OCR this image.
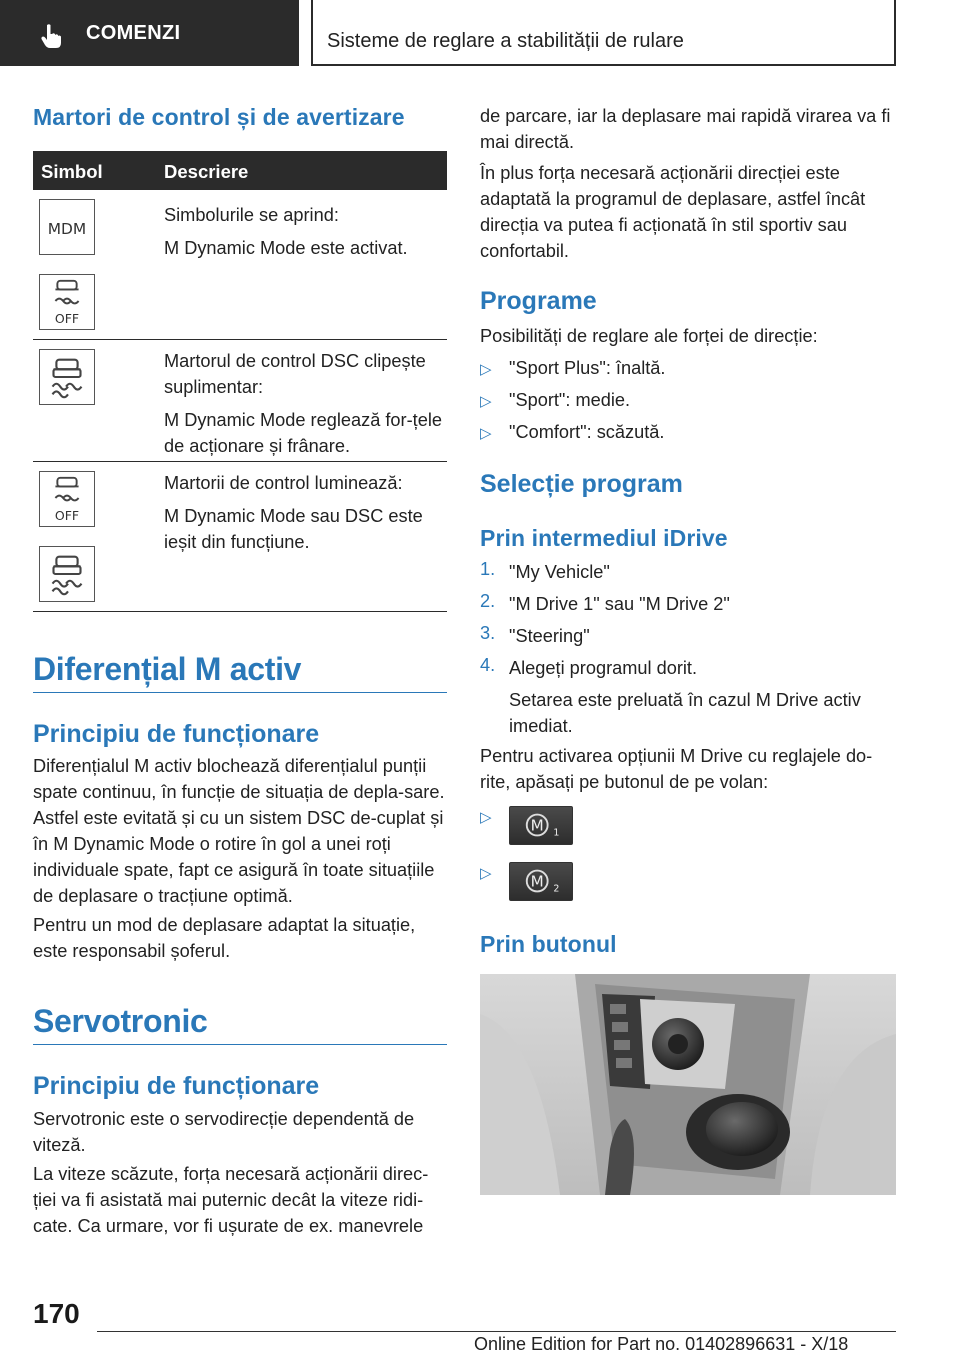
COMENZI	Sisteme de reglare a stabilității de rulare
Martori de control și de avertizare
Simbol	Descriere
MDM
OFF

Simbolurile se aprind:

M Dynamic Mode este activat.

Martorul de control DSC clipește suplimentar:

M Dynamic Mode reglează for-țele de acționare și frânare.

OFF

Martorii de control luminează:

M Dynamic Mode sau DSC este ieșit din funcțiune.

Diferențial M activ
Principiu de funcționare

Diferențialul M activ blochează diferențialul punții spate continuu, în funcție de situația de depla-sare. Astfel este evitată și cu un sistem DSC de-cuplat și în M Dynamic Mode o rotire în gol a unei roți individuale spate, fapt ce asigură în toate situațiile de deplasare o tracțiune optimă.

Pentru un mod de deplasare adaptat la situație, este responsabil șoferul.

Servotronic
Principiu de funcționare

Servotronic este o servodirecție dependentă de viteză.

La viteze scăzute, forța necesară acționării direc-ției va fi asistată mai puternic decât la viteze ridi-cate. Ca urmare, vor fi ușurate de ex. manevrele

de parcare, iar la deplasare mai rapidă virarea va fi mai directă.

În plus forța necesară acționării direcției este adaptată la programul de deplasare, astfel încât direcția va putea fi acționată în stil sportiv sau confortabil.

Programe

Posibilități de reglare ale forței de direcție:

▷ "Sport Plus": înaltă.
▷ "Sport": medie.
▷ "Comfort": scăzută.
Selecție program
Prin intermediul iDrive
1. "My Vehicle"
2. "M Drive 1" sau "M Drive 2"
3. "Steering"
4. Alegeți programul dorit.

Setarea este preluată în cazul M Drive activ imediat.

Pentru activarea opțiunii M Drive cu reglajele do-rite, apăsați pe butonul de pe volan:

▷ M 1
▷ M 2
Prin butonul
170
Online Edition for Part no. 01402896631 - X/18
